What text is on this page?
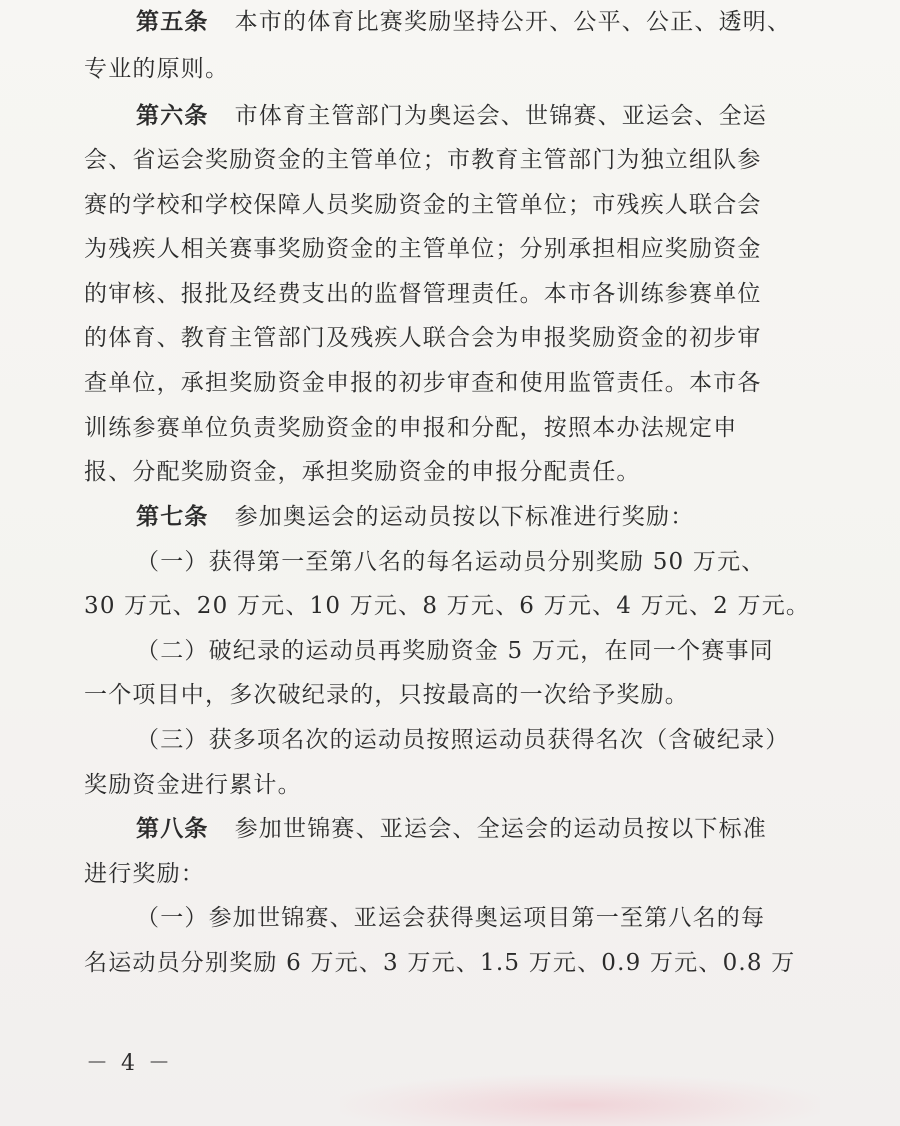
第五条 本市的体育比赛奖励坚持公开、公平、公正、透明、
专业的原则。
第六条 市体育主管部门为奥运会、世锦赛、亚运会、全运
会、省运会奖励资金的主管单位；市教育主管部门为独立组队参
赛的学校和学校保障人员奖励资金的主管单位；市残疾人联合会
为残疾人相关赛事奖励资金的主管单位；分别承担相应奖励资金
的审核、报批及经费支出的监督管理责任。本市各训练参赛单位
的体育、教育主管部门及残疾人联合会为申报奖励资金的初步审
查单位，承担奖励资金申报的初步审查和使用监管责任。本市各
训练参赛单位负责奖励资金的申报和分配，按照本办法规定申
报、分配奖励资金，承担奖励资金的申报分配责任。
第七条 参加奥运会的运动员按以下标准进行奖励：
（一）获得第一至第八名的每名运动员分别奖励 50 万元、
30 万元、20 万元、10 万元、8 万元、6 万元、4 万元、2 万元。
（二）破纪录的运动员再奖励资金 5 万元，在同一个赛事同
一个项目中，多次破纪录的，只按最高的一次给予奖励。
（三）获多项名次的运动员按照运动员获得名次（含破纪录）
奖励资金进行累计。
第八条 参加世锦赛、亚运会、全运会的运动员按以下标准
进行奖励：
（一）参加世锦赛、亚运会获得奥运项目第一至第八名的每
名运动员分别奖励 6 万元、3 万元、1.5 万元、0.9 万元、0.8 万
－ 4 －
